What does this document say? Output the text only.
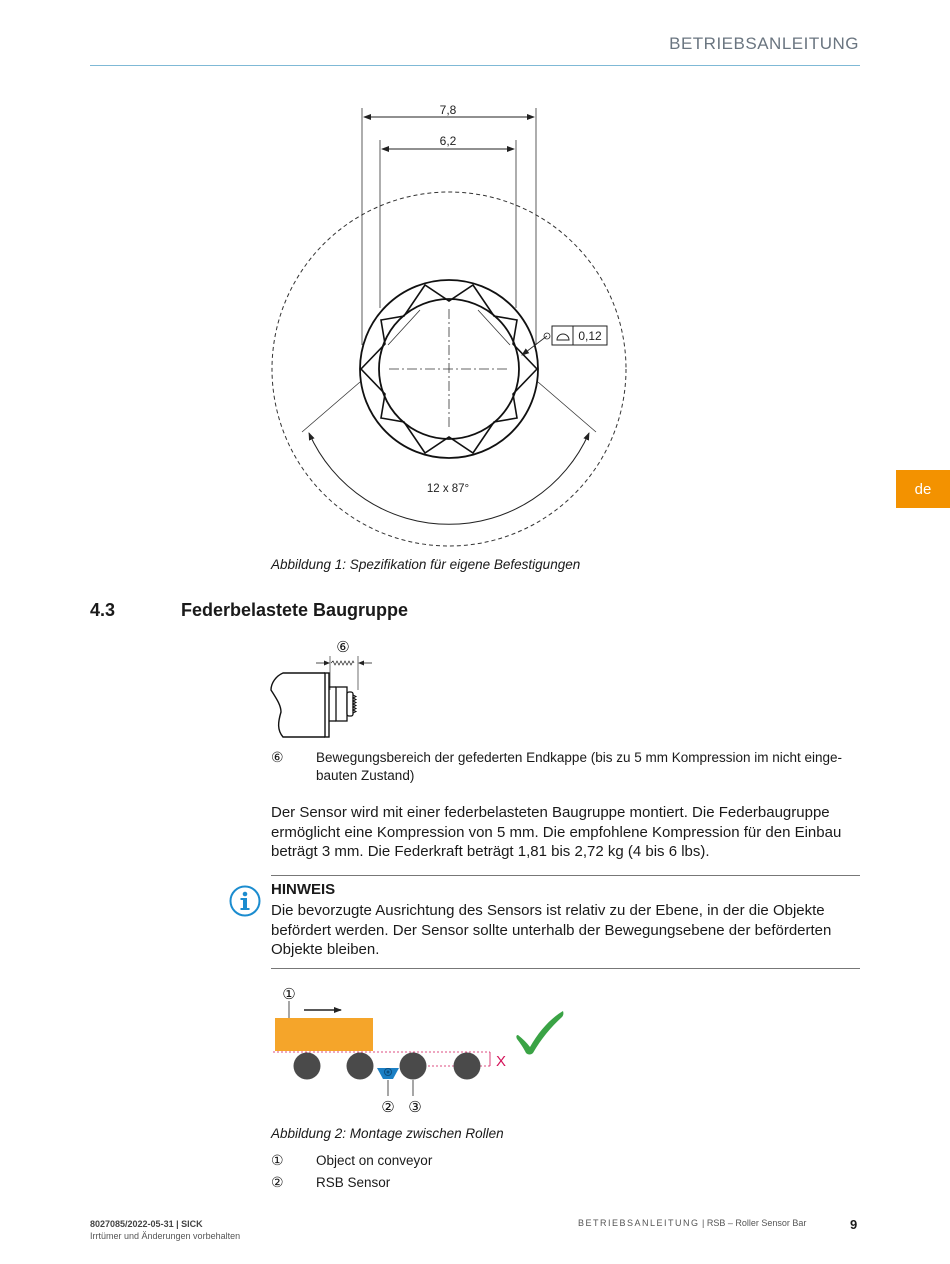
BETRIEBSANLEITUNG
de
7,8
6,2
0,12
12 x 87°
Abbildung 1: Spezifikation für eigene Befestigungen
4.3	Federbelastete Baugruppe
⑥
⑥ Bewegungsbereich der gefederten Endkappe (bis zu 5 mm Kompression im nicht einge-bauten Zustand)
Der Sensor wird mit einer federbelasteten Baugruppe montiert. Die Federbaugruppe ermöglicht eine Kompression von 5 mm. Die empfohlene Kompression für den Einbau beträgt 3 mm. Die Federkraft beträgt 1,81 bis 2,72 kg (4 bis 6 lbs).
HINWEIS
Die bevorzugte Ausrichtung des Sensors ist relativ zu der Ebene, in der die Objekte befördert werden. Der Sensor sollte unterhalb der Bewegungsebene der beförderten Objekte bleiben.
①
X
② ③
Abbildung 2: Montage zwischen Rollen
① Object on conveyor
② RSB Sensor
8027085/2022-05-31 | SICK
Irrtümer und Änderungen vorbehalten
BETRIEBSANLEITUNG | RSB – Roller Sensor Bar	9
